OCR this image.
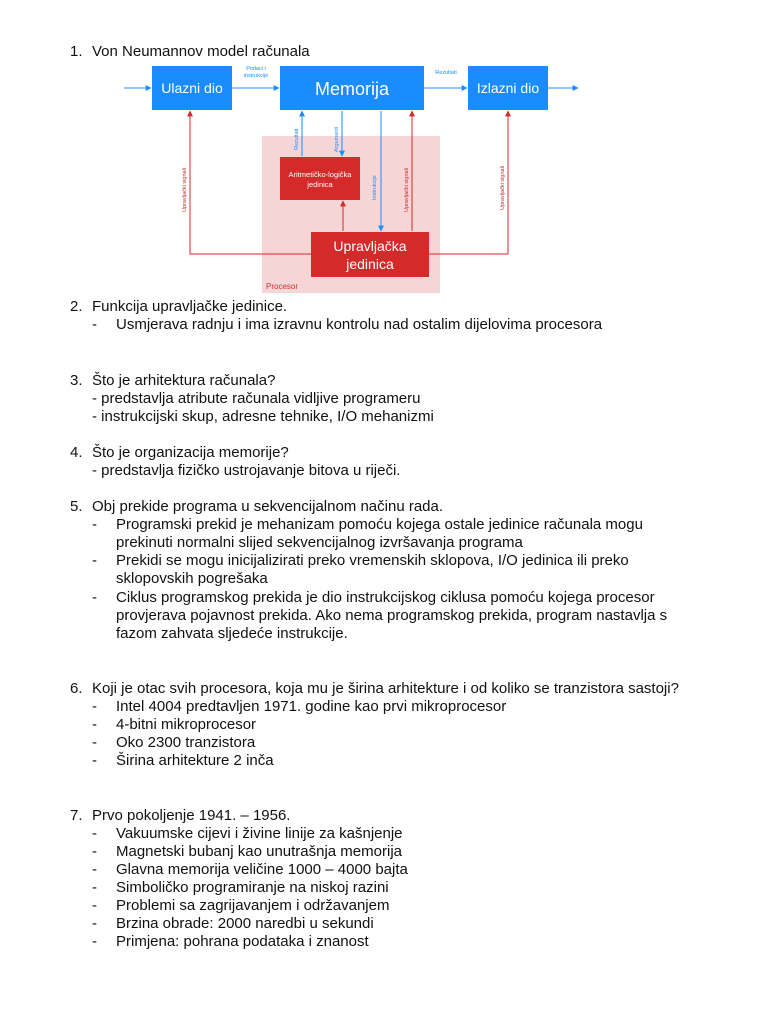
1. Von Neumannov model računala
Procesor
Ulazni dio	Memorija	Izlazni dio
Aritmetičko-logička
jedinica
Upravljačka
jedinica
Podaci i
instrukcije	Rezultati
Rezultati	Argumenti
Instrukcije	Upravljački signali
Upravljački signali	Upravljački signali
2. Funkcija upravljačke jedinice.
- Usmjerava radnju i ima izravnu kontrolu nad ostalim dijelovima procesora
3. Što je arhitektura računala?
- predstavlja atribute računala vidljive programeru
- instrukcijski skup, adresne tehnike, I/O mehanizmi
4. Što je organizacija memorije?
- predstavlja fizičko ustrojavanje bitova u riječi.
5. Obj prekide programa u sekvencijalnom načinu rada.
- Programski prekid je mehanizam pomoću kojega ostale jedinice računala mogu prekinuti normalni slijed sekvencijalnog izvršavanja programa
- Prekidi se mogu inicijalizirati preko vremenskih sklopova, I/O jedinica ili preko sklopovskih pogrešaka
- Ciklus programskog prekida je dio instrukcijskog ciklusa pomoću kojega procesor provjerava pojavnost prekida. Ako nema programskog prekida, program nastavlja s fazom zahvata sljedeće instrukcije.
6. Koji je otac svih procesora, koja mu je širina arhitekture i od koliko se tranzistora sastoji?
- Intel 4004 predtavljen 1971. godine kao prvi mikroprocesor
- 4-bitni mikroprocesor
- Oko 2300 tranzistora
- Širina arhitekture 2 inča
7. Prvo pokoljenje 1941. – 1956.
- Vakuumske cijevi i živine linije za kašnjenje
- Magnetski bubanj kao unutrašnja memorija
- Glavna memorija veličine 1000 – 4000 bajta
- Simboličko programiranje na niskoj razini
- Problemi sa zagrijavanjem i održavanjem
- Brzina obrade: 2000 naredbi u sekundi
- Primjena: pohrana podataka i znanost
